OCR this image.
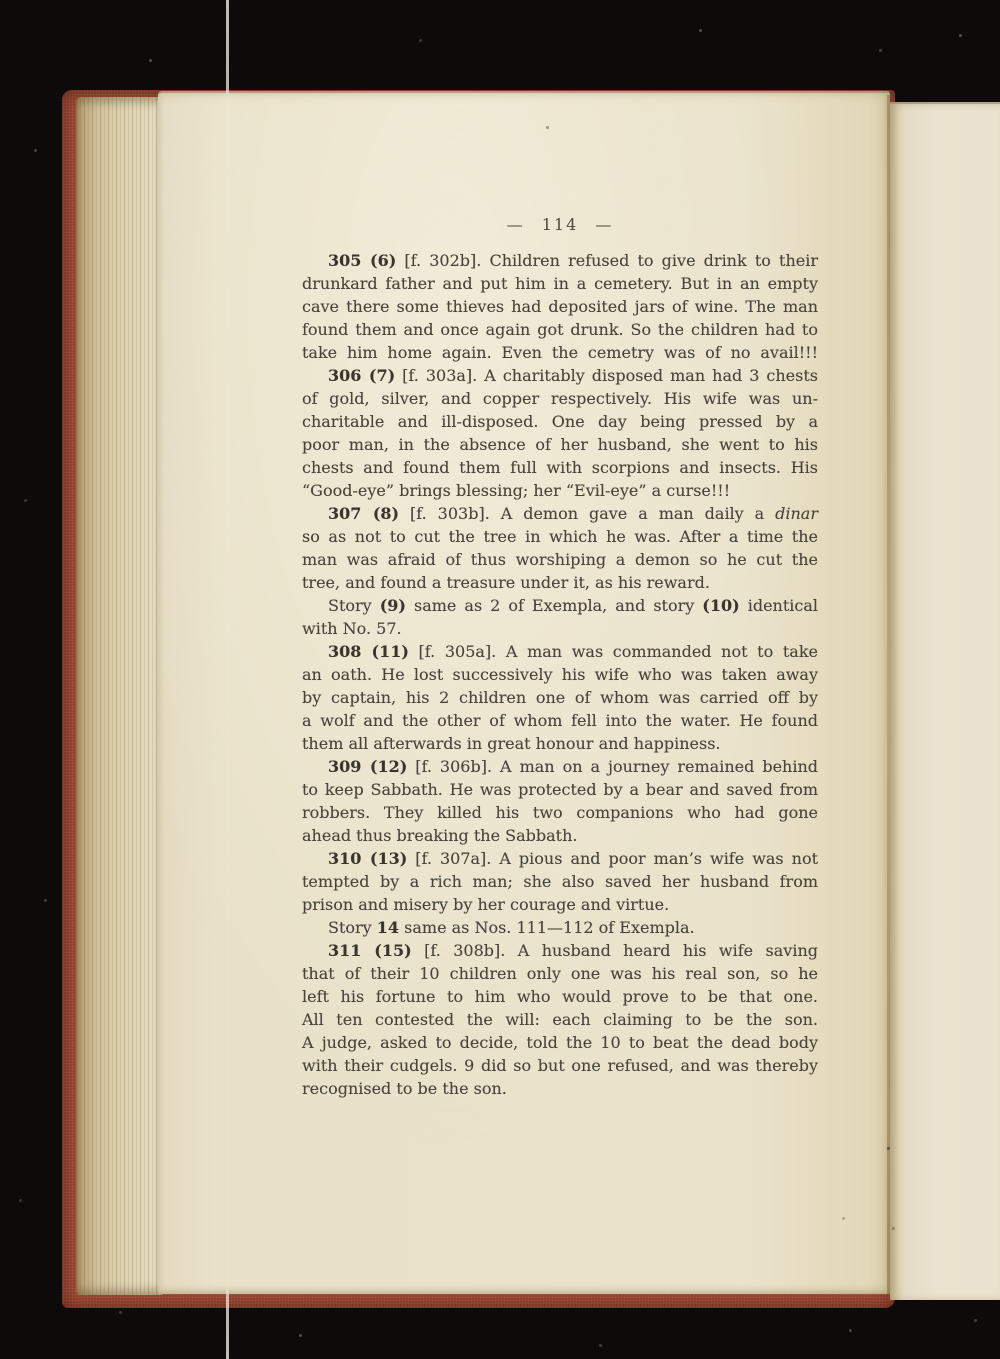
— 114 —
305 (6) [f. 302b]. Children refused to give drink to their
drunkard father and put him in a cemetery. But in an empty
cave there some thieves had deposited jars of wine. The man
found them and once again got drunk. So the children had to
take him home again. Even the cemetry was of no avail!!!
306 (7) [f. 303a]. A charitably disposed man had 3 chests
of gold, silver, and copper respectively. His wife was un-
charitable and ill-disposed. One day being pressed by a
poor man, in the absence of her husband, she went to his
chests and found them full with scorpions and insects. His
“Good-eye” brings blessing; her “Evil-eye” a curse!!!
307 (8) [f. 303b]. A demon gave a man daily a dinar
so as not to cut the tree in which he was. After a time the
man was afraid of thus worshiping a demon so he cut the
tree, and found a treasure under it, as his reward.
Story (9) same as 2 of Exempla, and story (10) identical
with No. 57.
308 (11) [f. 305a]. A man was commanded not to take
an oath. He lost successively his wife who was taken away
by captain, his 2 children one of whom was carried off by
a wolf and the other of whom fell into the water. He found
them all afterwards in great honour and happiness.
309 (12) [f. 306b]. A man on a journey remained behind
to keep Sabbath. He was protected by a bear and saved from
robbers. They killed his two companions who had gone
ahead thus breaking the Sabbath.
310 (13) [f. 307a]. A pious and poor man’s wife was not
tempted by a rich man; she also saved her husband from
prison and misery by her courage and virtue.
Story 14 same as Nos. 111—112 of Exempla.
311 (15) [f. 308b]. A husband heard his wife saving
that of their 10 children only one was his real son, so he
left his fortune to him who would prove to be that one.
All ten contested the will: each claiming to be the son.
A judge, asked to decide, told the 10 to beat the dead body
with their cudgels. 9 did so but one refused, and was thereby
recognised to be the son.
